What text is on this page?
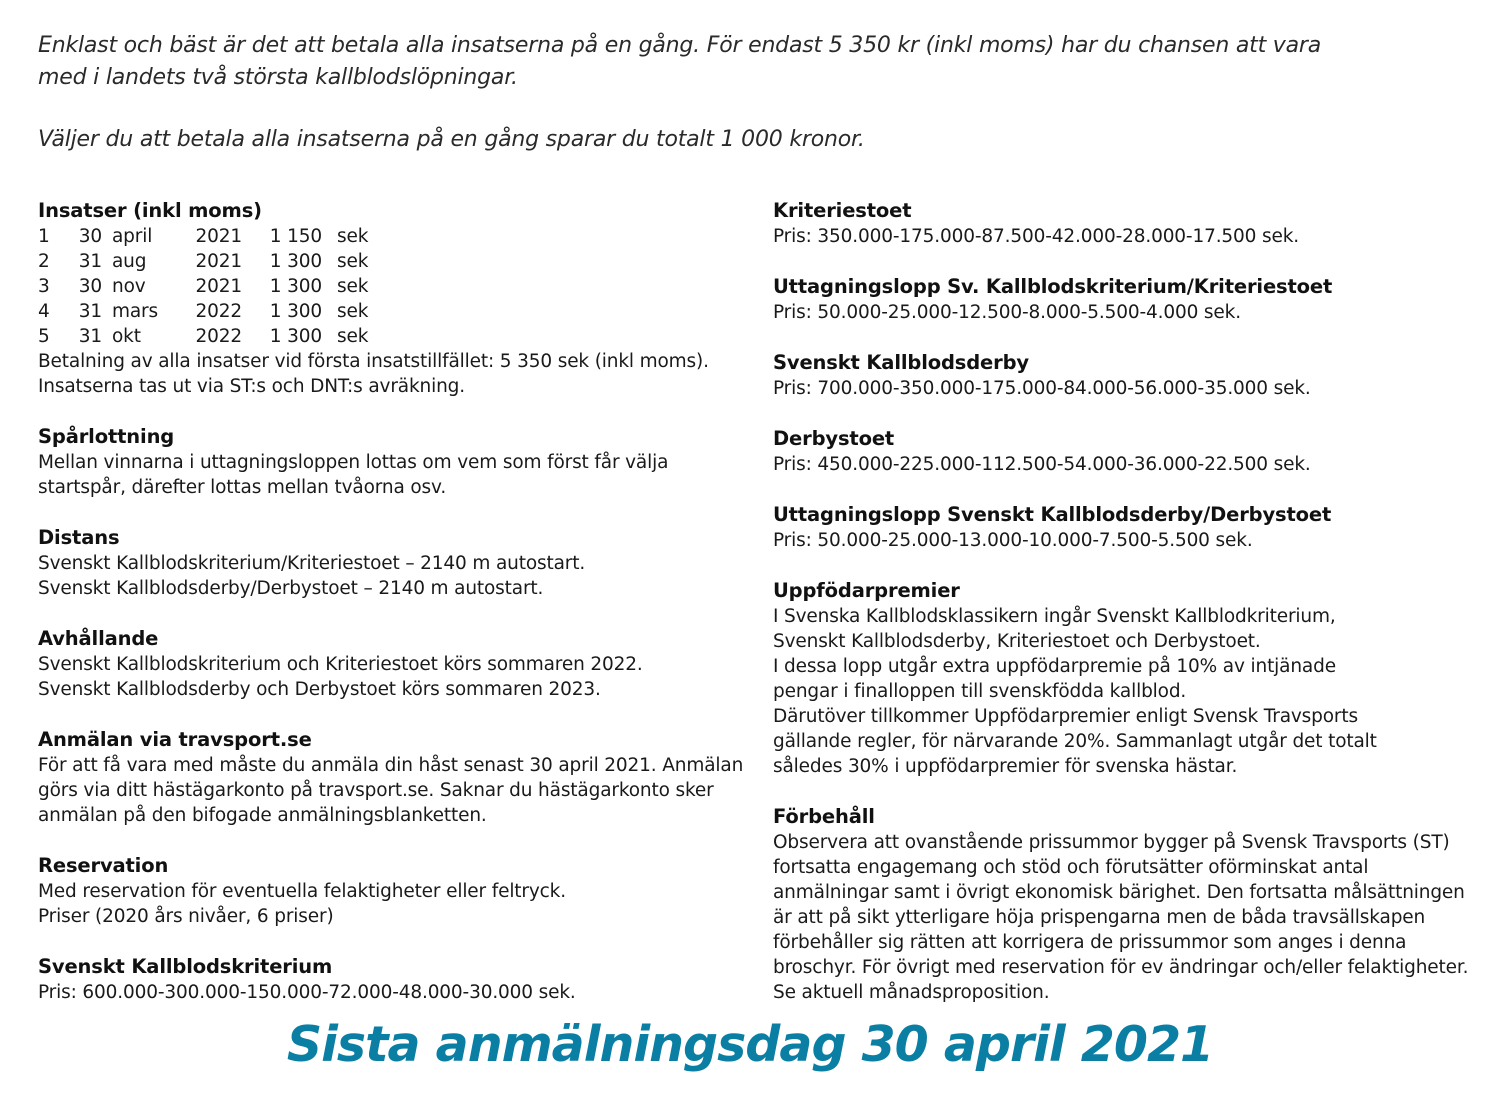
Enklast och bäst är det att betala alla insatserna på en gång. För endast 5 350 kr (inkl moms) har du chansen att vara
med i landets två största kallblodslöpningar.

Väljer du att betala alla insatserna på en gång sparar du totalt 1 000 kronor.

Insatser (inkl moms)
1	30	april	2021	1 150	sek
2	31	aug	2021	1 300	sek
3	30	nov	2021	1 300	sek
4	31	mars	2022	1 300	sek
5	31	okt	2022	1 300	sek
Betalning av alla insatser vid första insatstillfället: 5 350 sek (inkl moms).
Insatserna tas ut via ST:s och DNT:s avräkning.
Spårlottning
Mellan vinnarna i uttagningsloppen lottas om vem som först får välja
startspår, därefter lottas mellan tvåorna osv.
Distans
Svenskt Kallblodskriterium/Kriteriestoet – 2140 m autostart.
Svenskt Kallblodsderby/Derbystoet – 2140 m autostart.
Avhållande
Svenskt Kallblodskriterium och Kriteriestoet körs sommaren 2022.
Svenskt Kallblodsderby och Derbystoet körs sommaren 2023.
Anmälan via travsport.se
För att få vara med måste du anmäla din håst senast 30 april 2021. Anmälan
görs via ditt hästägarkonto på travsport.se. Saknar du hästägarkonto sker
anmälan på den bifogade anmälningsblanketten.
Reservation
Med reservation för eventuella felaktigheter eller feltryck.
Priser (2020 års nivåer, 6 priser)
Svenskt Kallblodskriterium
Pris: 600.000-300.000-150.000-72.000-48.000-30.000 sek.
Kriteriestoet
Pris: 350.000-175.000-87.500-42.000-28.000-17.500 sek.
Uttagningslopp Sv. Kallblodskriterium/Kriteriestoet
Pris: 50.000-25.000-12.500-8.000-5.500-4.000 sek.
Svenskt Kallblodsderby
Pris: 700.000-350.000-175.000-84.000-56.000-35.000 sek.
Derbystoet
Pris: 450.000-225.000-112.500-54.000-36.000-22.500 sek.
Uttagningslopp Svenskt Kallblodsderby/Derbystoet
Pris: 50.000-25.000-13.000-10.000-7.500-5.500 sek.
Uppfödarpremier
I Svenska Kallblodsklassikern ingår Svenskt Kallblodkriterium,
Svenskt Kallblodsderby, Kriteriestoet och Derbystoet.
I dessa lopp utgår extra uppfödarpremie på 10% av intjänade
pengar i finalloppen till svenskfödda kallblod.
Därutöver tillkommer Uppfödarpremier enligt Svensk Travsports
gällande regler, för närvarande 20%. Sammanlagt utgår det totalt
således 30% i uppfödarpremier för svenska hästar.
Förbehåll
Observera att ovanstående prissummor bygger på Svensk Travsports (ST)
fortsatta engagemang och stöd och förutsätter oförminskat antal
anmälningar samt i övrigt ekonomisk bärighet. Den fortsatta målsättningen
är att på sikt ytterligare höja prispengarna men de båda travsällskapen
förbehåller sig rätten att korrigera de prissummor som anges i denna
broschyr. För övrigt med reservation för ev ändringar och/eller felaktigheter.
Se aktuell månadsproposition.
Sista anmälningsdag 30 april 2021
